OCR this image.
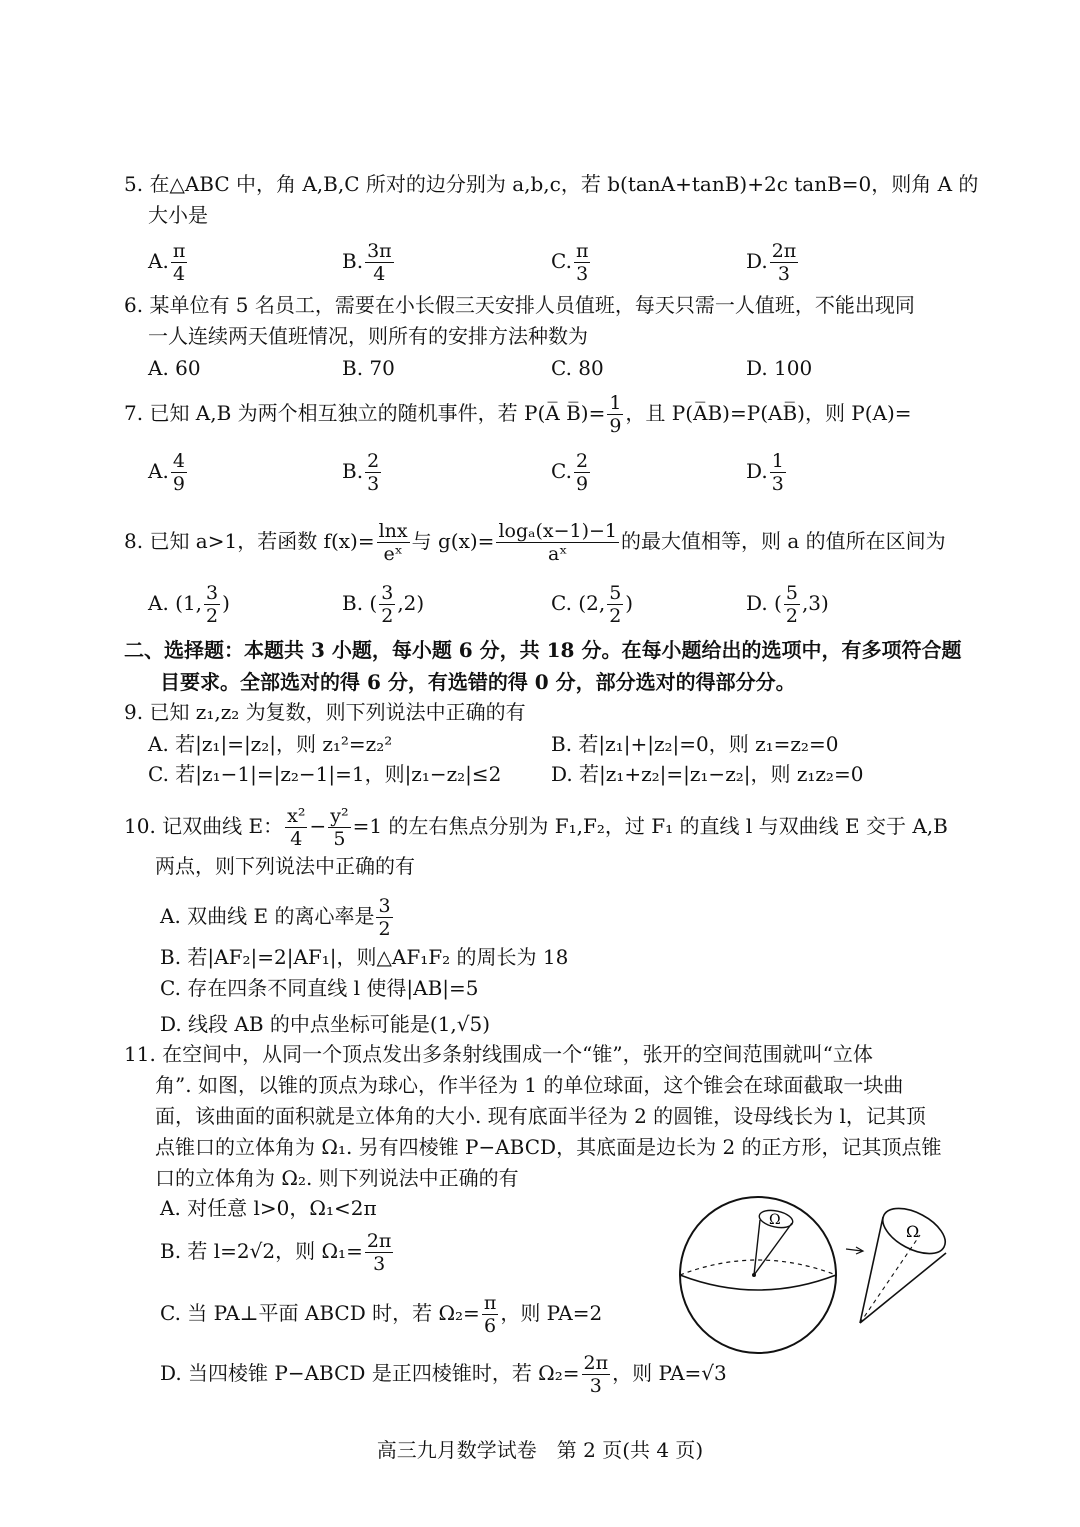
5. 在△ABC 中，角 A,B,C 所对的边分别为 a,b,c，若 b(tanA+tanB)+2c tanB=0，则角 A 的
大小是
A. $\frac{\pi}{4}$	B. $\frac{3\pi}{4}$	C. $\frac{\pi}{3}$	D. $\frac{2\pi}{3}$
6. 某单位有 5 名员工，需要在小长假三天安排人员值班，每天只需一人值班，不能出现同
一人连续两天值班情况，则所有的安排方法种数为
A. 60	B. 70	C. 80	D. 100
7. 已知 A,B 为两个相互独立的随机事件，若 P(A̅ B̅)= $\frac{1}{9}$ ，且 P(A̅B)=P(AB̅)，则 P(A)=
A. $\frac{4}{9}$	B. $\frac{2}{3}$	C. $\frac{2}{9}$	D. $\frac{1}{3}$
8. 已知 a>1，若函数 $f(x)= \frac{\ln x}{\text{eˣ}}$ 与 $g(x)= \frac{\text{logₐ(x−1)−1}}{\text{aˣ}}$ 的最大值相等，则 a 的值所在区间为
A. (1, $\frac{3}{2}$ )	B. ( $\frac{3}{2} ,2$)	C. (2, $\frac{5}{2}$ )	D. ( $\frac{5}{2} ,3$)
二、选择题：本题共 3 小题，每小题 6 分，共 18 分。在每小题给出的选项中，有多项符合题
目要求。全部选对的得 6 分，有选错的得 0 分，部分选对的得部分分。
9. 已知 z₁,z₂ 为复数，则下列说法中正确的有
A. 若|z₁|=|z₂|，则 z₁²=z₂²	B. 若|z₁|+|z₂|=0，则 z₁=z₂=0
C. 若|z₁−1|=|z₂−1|=1，则|z₁−z₂|≤2 D. 若|z₁+z₂|=|z₁−z₂|，则 z₁z₂=0
10. 记双曲线 E： $\frac{\text{x²}}{4} - \frac{\text{y²}}{5} =1$ 的左右焦点分别为 F₁,F₂，过 F₁ 的直线 l 与双曲线 E 交于 A,B
两点，则下列说法中正确的有
A. 双曲线 E 的离心率是 $\frac{3}{2}$
B. 若|AF₂|=2|AF₁|，则△AF₁F₂ 的周长为 18
C. 存在四条不同直线 l 使得|AB|=5
D. 线段 AB 的中点坐标可能是(1,√5)
11. 在空间中，从同一个顶点发出多条射线围成一个“锥”，张开的空间范围就叫“立体
角”. 如图，以锥的顶点为球心，作半径为 1 的单位球面，这个锥会在球面截取一块曲
面，该曲面的面积就是立体角的大小. 现有底面半径为 2 的圆锥，设母线长为 l，记其顶
点锥口的立体角为 Ω₁. 另有四棱锥 P−ABCD，其底面是边长为 2 的正方形，记其顶点锥
口的立体角为 Ω₂. 则下列说法中正确的有
A. 对任意 l>0，Ω₁<2π
B. 若 l=2√2，则 $\Omega_1= \frac{2\pi}{3}$
C. 当 PA⊥平面 ABCD 时，若 $\Omega_2= \frac{\pi}{6}$ ，则 PA=2
D. 当四棱锥 P−ABCD 是正四棱锥时，若 $\Omega_2= \frac{2\pi}{3}$ ，则 PA=√3
Ω
Ω
高三九月数学试卷　第 2 页(共 4 页)
